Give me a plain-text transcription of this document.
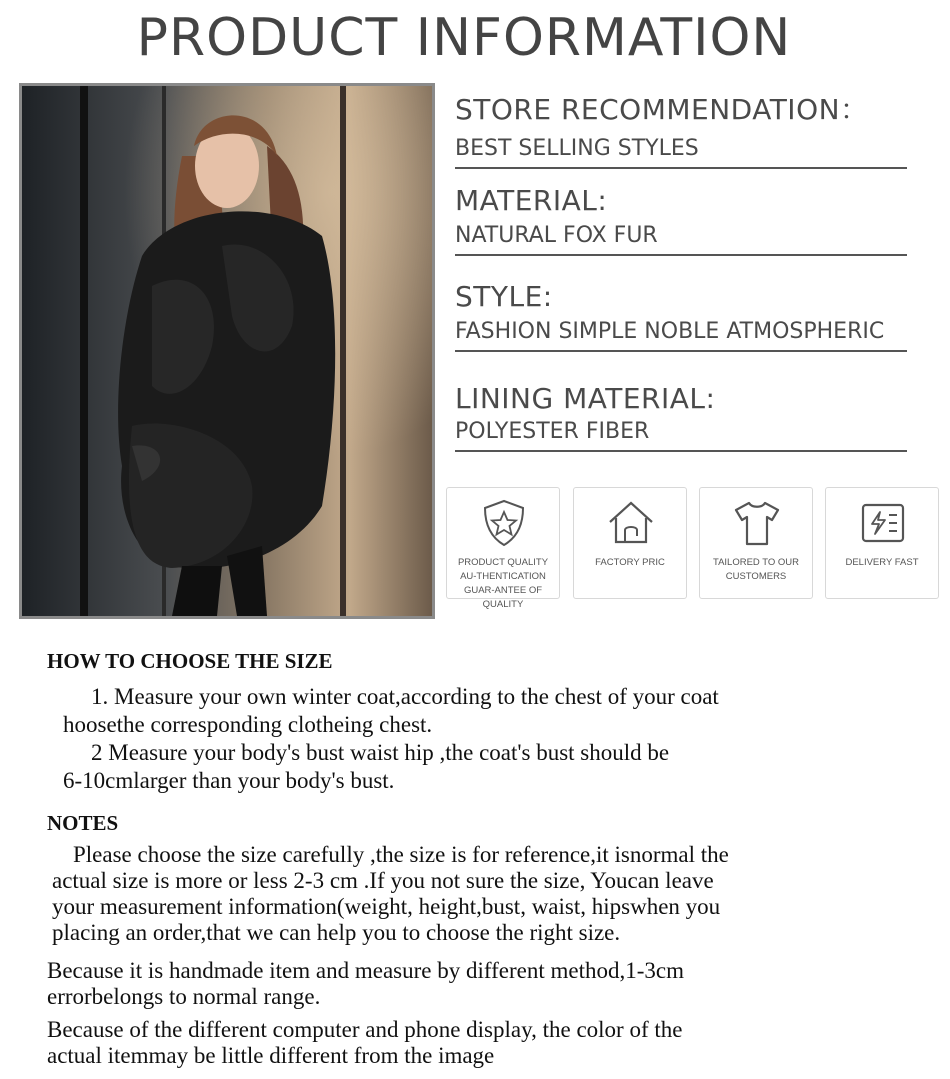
PRODUCT INFORMATION
STORE RECOMMENDATION：
BEST SELLING STYLES
MATERIAL:
NATURAL FOX FUR
STYLE:
FASHION SIMPLE NOBLE ATMOSPHERIC
LINING MATERIAL:
POLYESTER FIBER
PRODUCT QUALITY AU-THENTICATION GUAR-ANTEE OF QUALITY
FACTORY PRIC	TAILORED TO OUR CUSTOMERS
DELIVERY FAST
HOW TO CHOOSE THE SIZE
1. Measure your own winter coat,according to the chest of your coat
hoosethe corresponding clotheing chest.
2 Measure your body's bust waist hip ,the coat's bust should be
6-10cmlarger than your body's bust.
NOTES
Please choose the size carefully ,the size is for reference,it isnormal the
actual size is more or less 2-3 cm .If you not sure the size, Youcan leave
your measurement information(weight, height,bust, waist, hipswhen you
placing an order,that we can help you to choose the right size.
Because it is handmade item and measure by different method,1-3cm
errorbelongs to normal range.
Because of the different computer and phone display, the color of the
actual itemmay be little different from the image
